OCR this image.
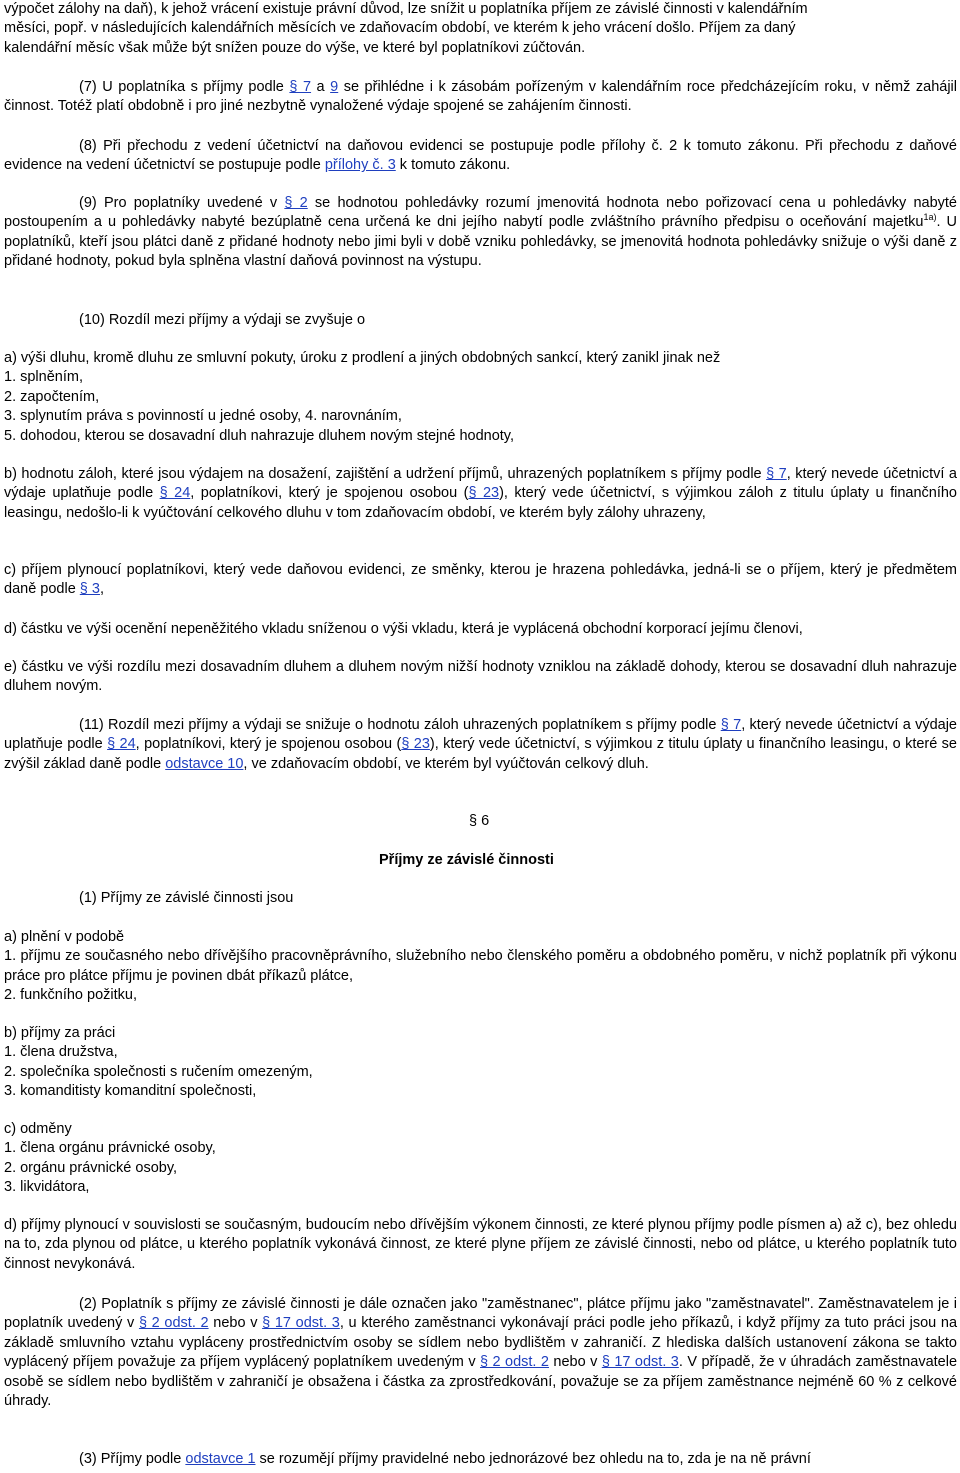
výpočet zálohy na daň), k jehož vrácení existuje právní důvod, lze snížit u poplatníka příjem ze závislé činnosti v kalendářním
měsíci, popř. v následujících kalendářních měsících ve zdaňovacím období, ve kterém k jeho vrácení došlo. Příjem za daný
kalendářní měsíc však může být snížen pouze do výše, ve které byl poplatníkovi zúčtován.

(7) U poplatníka s příjmy podle § 7 a 9 se přihlédne i k zásobám pořízeným v kalendářním roce předcházejícím roku, v němž zahájil činnost. Totéž platí obdobně i pro jiné nezbytně vynaložené výdaje spojené se zahájením činnosti.

(8) Při přechodu z vedení účetnictví na daňovou evidenci se postupuje podle přílohy č. 2 k tomuto zákonu. Při přechodu z daňové evidence na vedení účetnictví se postupuje podle přílohy č. 3 k tomuto zákonu.

(9) Pro poplatníky uvedené v § 2 se hodnotou pohledávky rozumí jmenovitá hodnota nebo pořizovací cena u pohledávky nabyté postoupením a u pohledávky nabyté bezúplatně cena určená ke dni jejího nabytí podle zvláštního právního předpisu o oceňování majetku$^{1a)}$. U poplatníků, kteří jsou plátci daně z přidané hodnoty nebo jimi byli v době vzniku pohledávky, se jmenovitá hodnota pohledávky snižuje o výši daně z přidané hodnoty, pokud byla splněna vlastní daňová povinnost na výstupu.

(10) Rozdíl mezi příjmy a výdaji se zvyšuje o

a) výši dluhu, kromě dluhu ze smluvní pokuty, úroku z prodlení a jiných obdobných sankcí, který zanikl jinak než
1. splněním,
2. započtením,
3. splynutím práva s povinností u jedné osoby, 4. narovnáním,
5. dohodou, kterou se dosavadní dluh nahrazuje dluhem novým stejné hodnoty,

b) hodnotu záloh, které jsou výdajem na dosažení, zajištění a udržení příjmů, uhrazených poplatníkem s příjmy podle § 7, který nevede účetnictví a výdaje uplatňuje podle § 24, poplatníkovi, který je spojenou osobou (§ 23), který vede účetnictví, s výjimkou záloh z titulu úplaty u finančního leasingu, nedošlo-li k vyúčtování celkového dluhu v tom zdaňovacím období, ve kterém byly zálohy uhrazeny,

c) příjem plynoucí poplatníkovi, který vede daňovou evidenci, ze směnky, kterou je hrazena pohledávka, jedná-li se o příjem, který je předmětem daně podle § 3,

d) částku ve výši ocenění nepeněžitého vkladu sníženou o výši vkladu, která je vyplácená obchodní korporací jejímu členovi,

e) částku ve výši rozdílu mezi dosavadním dluhem a dluhem novým nižší hodnoty vzniklou na základě dohody, kterou se dosavadní dluh nahrazuje dluhem novým.

(11) Rozdíl mezi příjmy a výdaji se snižuje o hodnotu záloh uhrazených poplatníkem s příjmy podle § 7, který nevede účetnictví a výdaje uplatňuje podle § 24, poplatníkovi, který je spojenou osobou (§ 23), který vede účetnictví, s výjimkou z titulu úplaty u finančního leasingu, o které se zvýšil základ daně podle odstavce 10, ve zdaňovacím období, ve kterém byl vyúčtován celkový dluh.

§ 6
Příjmy ze závislé činnosti

(1) Příjmy ze závislé činnosti jsou

a) plnění v podobě
1. příjmu ze současného nebo dřívějšího pracovněprávního, služebního nebo členského poměru a obdobného poměru, v nichž poplatník při výkonu práce pro plátce příjmu je povinen dbát příkazů plátce,
2. funkčního požitku,

b) příjmy za práci
1. člena družstva,
2. společníka společnosti s ručením omezeným,
3. komanditisty komanditní společnosti,

c) odměny
1. člena orgánu právnické osoby,
2. orgánu právnické osoby,
3. likvidátora,

d) příjmy plynoucí v souvislosti se současným, budoucím nebo dřívějším výkonem činnosti, ze které plynou příjmy podle písmen a) až c), bez ohledu na to, zda plynou od plátce, u kterého poplatník vykonává činnost, ze které plyne příjem ze závislé činnosti, nebo od plátce, u kterého poplatník tuto činnost nevykonává.

(2) Poplatník s příjmy ze závislé činnosti je dále označen jako "zaměstnanec", plátce příjmu jako "zaměstnavatel". Zaměstnavatelem je i poplatník uvedený v § 2 odst. 2 nebo v § 17 odst. 3, u kterého zaměstnanci vykonávají práci podle jeho příkazů, i když příjmy za tuto práci jsou na základě smluvního vztahu vypláceny prostřednictvím osoby se sídlem nebo bydlištěm v zahraničí. Z hlediska dalších ustanovení zákona se takto vyplácený příjem považuje za příjem vyplácený poplatníkem uvedeným v § 2 odst. 2 nebo v § 17 odst. 3. V případě, že v úhradách zaměstnavatele osobě se sídlem nebo bydlištěm v zahraničí je obsažena i částka za zprostředkování, považuje se za příjem zaměstnance nejméně 60 % z celkové úhrady.

(3) Příjmy podle odstavce 1 se rozumějí příjmy pravidelné nebo jednorázové bez ohledu na to, zda je na ně právní
